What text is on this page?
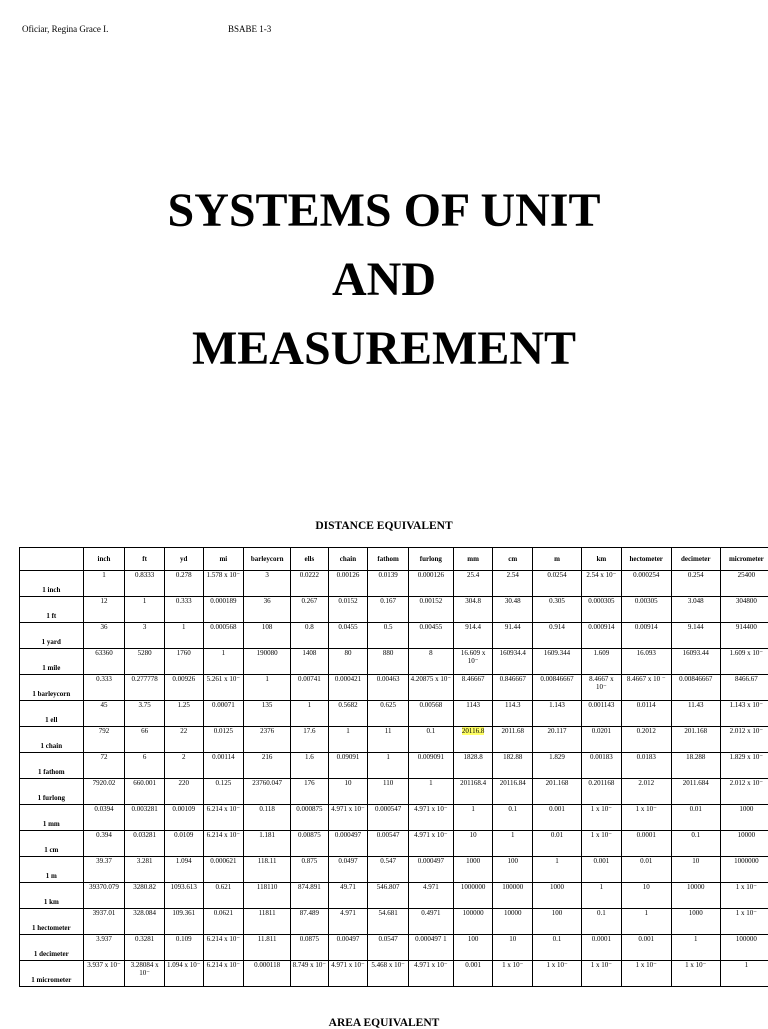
Oficiar, Regina Grace I.	BSABE 1-3
SYSTEMS OF UNIT
AND
MEASUREMENT
DISTANCE EQUIVALENT
	inch	ft	yd	mi	barleycorn	ells	chain	fathom	furlong	mm	cm	m	km	hectometer	decimeter	micrometer
1 inch	1	0.8333	0.278	1.578 x 10⁻	3	0.0222	0.00126	0.0139	0.000126	25.4	2.54	0.0254	2.54 x 10⁻	0.000254	0.254	25400
1 ft	12	1	0.333	0.000189	36	0.267	0.0152	0.167	0.00152	304.8	30.48	0.305	0.000305	0.00305	3.048	304800
1 yard	36	3	1	0.000568	108	0.8	0.0455	0.5	0.00455	914.4	91.44	0.914	0.000914	0.00914	9.144	914400
1 mile	63360	5280	1760	1	190080	1408	80	880	8	16.609 x 10⁻	160934.4	1609.344	1.609	16.093	16093.44	1.609 x 10⁻
1 barleycorn	0.333	0.277778	0.00926	5.261 x 10⁻	1	0.00741	0.000421	0.00463	4.20875 x 10⁻	8.46667	0.846667	0.00846667	8.4667 x 10⁻	8.4667 x 10 ⁻	0.00846667	8466.67
1 ell	45	3.75	1.25	0.00071	135	1	0.5682	0.625	0.00568	1143	114.3	1.143	0.001143	0.0114	11.43	1.143 x 10⁻
1 chain	792	66	22	0.0125	2376	17.6	1	11	0.1	20116.8	2011.68	20.117	0.0201	0.2012	201.168	2.012 x 10⁻
1 fathom	72	6	2	0.00114	216	1.6	0.09091	1	0.009091	1828.8	182.88	1.829	0.00183	0.0183	18.288	1.829 x 10⁻
1 furlong	7920.02	660.001	220	0.125	23760.047	176	10	110	1	201168.4	20116.84	201.168	0.201168	2.012	2011.684	2.012 x 10⁻
1 mm	0.0394	0.003281	0.00109	6.214 x 10⁻	0.118	0.000875	4.971 x 10⁻	0.000547	4.971 x 10⁻	1	0.1	0.001	1 x 10⁻	1 x 10⁻	0.01	1000
1 cm	0.394	0.03281	0.0109	6.214 x 10⁻	1.181	0.00875	0.000497	0.00547	4.971 x 10⁻	10	1	0.01	1 x 10⁻	0.0001	0.1	10000
1 m	39.37	3.281	1.094	0.000621	118.11	0.875	0.0497	0.547	0.000497	1000	100	1	0.001	0.01	10	1000000
1 km	39370.079	3280.82	1093.613	0.621	118110	874.891	49.71	546.807	4.971	1000000	100000	1000	1	10	10000	1 x 10⁻
1 hectometer	3937.01	328.084	109.361	0.0621	11811	87.489	4.971	54.681	0.4971	100000	10000	100	0.1	1	1000	1 x 10⁻
1 decimeter	3.937	0.3281	0.109	6.214 x 10⁻	11.811	0.0875	0.00497	0.0547	0.000497 1	100	10	0.1	0.0001	0.001	1	100000
1 micrometer	3.937 x 10⁻	3.28084 x 10⁻	1.094 x 10⁻	6.214 x 10⁻	0.000118	8.749 x 10⁻	4.971 x 10⁻	5.468 x 10⁻	4.971 x 10⁻	0.001	1 x 10⁻	1 x 10⁻	1 x 10⁻	1 x 10⁻	1 x 10⁻	1
AREA EQUIVALENT
